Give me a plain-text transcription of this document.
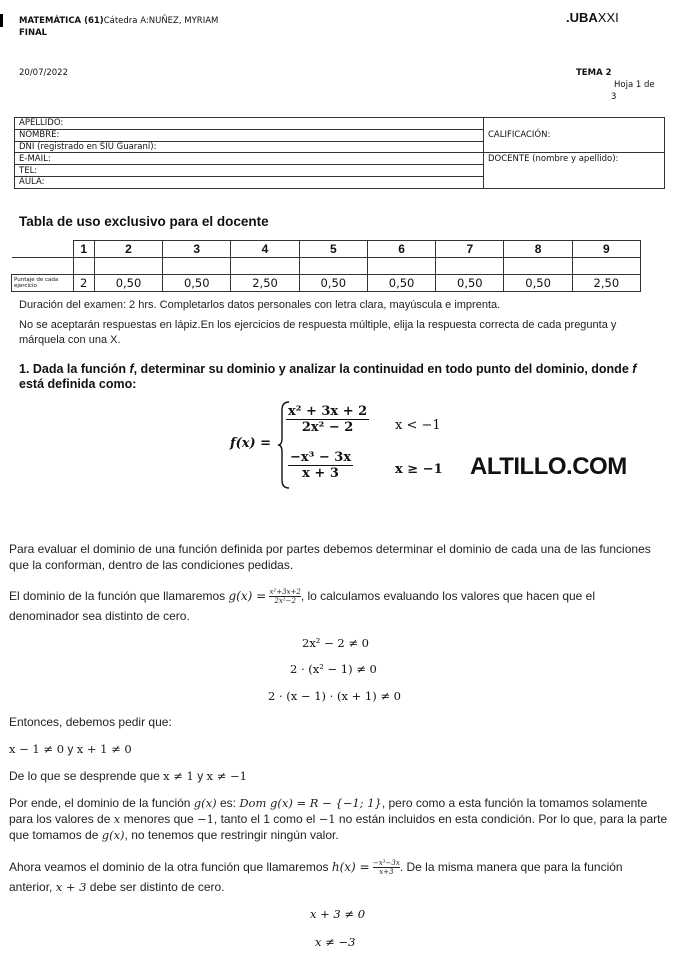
MATEMÁTICA (61)Cátedra A:NUÑEZ, MYRIAM
FINAL
.UBAXXI
20/07/2022	TEMA 2
Hoja 1 de
3
APELLIDO:	CALIFICACIÓN:
NOMBRE:	
DNI (registrado en SIU Guaraní):	
E-MAIL:	DOCENTE (nombre y apellido):
TEL:	
AULA:	
Tabla de uso exclusivo para el docente
	1	2	3	4	5	6	7	8	9

Puntaje de cada ejercicio	2	0,50	0,50	2,50	0,50	0,50	0,50	0,50	2,50
Duración del examen: 2 hrs. Completarlos datos personales con letra clara, mayúscula e imprenta.
No se aceptarán respuestas en lápiz.En los ejercicios de respuesta múltiple, elija la respuesta correcta de cada pregunta y márquela con una X.
1. Dada la función f, determinar su dominio y analizar la continuidad en todo punto del dominio, donde f
está definida como:
f(x) =
$\frac{\text{x² + 3x + 2}}{\text{2x² − 2}}$ x < −1
$\frac{\text{−x³ − 3x}}{x + 3}$	x ≥ −1 ALTILLO.COM
Para evaluar el dominio de una función definida por partes debemos determinar el dominio de cada una de las funciones que la conforman, dentro de las condiciones pedidas.
El dominio de la función que llamaremos $g(x) = \frac{\text{x²+3x+2}}{\text{2x²−2}}$ , lo calculamos evaluando los valores que hacen que el denominador sea distinto de cero.
2x² − 2 ≠ 0
2 · (x² − 1) ≠ 0
2 · (x − 1) · (x + 1) ≠ 0
Entonces, debemos pedir que:
x − 1 ≠ 0 y x + 1 ≠ 0
De lo que se desprende que x ≠ 1 y x ≠ −1
Por ende, el dominio de la función g(x) es: Dom g(x) = R − {−1; 1}, pero como a esta función la tomamos solamente para los valores de x menores que −1, tanto el 1 como el −1 no están incluidos en esta condición. Por lo que, para la parte que tomamos de g(x), no tenemos que restringir ningún valor.
Ahora veamos el dominio de la otra función que llamaremos $h(x) = \frac{\text{−x³−3x}}{x+3}$ . De la misma manera que para la función anterior, x + 3 debe ser distinto de cero.
x + 3 ≠ 0
x ≠ −3
